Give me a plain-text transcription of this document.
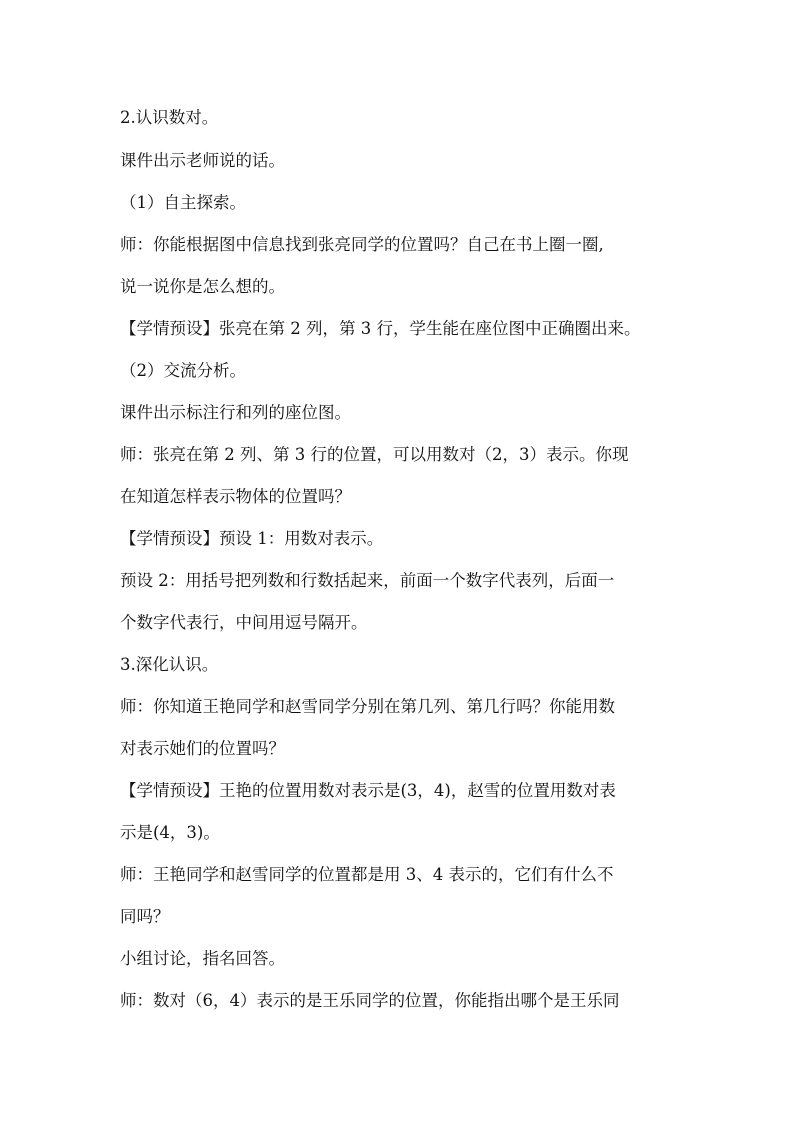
2.认识数对。
课件出示老师说的话。
（1）自主探索。
师：你能根据图中信息找到张亮同学的位置吗？自己在书上圈一圈,
说一说你是怎么想的。
【学情预设】张亮在第 2 列，第 3 行，学生能在座位图中正确圈出来。
（2）交流分析。
课件出示标注行和列的座位图。
师：张亮在第 2 列、第 3 行的位置，可以用数对（2，3）表示。你现
在知道怎样表示物体的位置吗？
【学情预设】预设 1：用数对表示。
预设 2：用括号把列数和行数括起来，前面一个数字代表列，后面一
个数字代表行，中间用逗号隔开。
3.深化认识。
师：你知道王艳同学和赵雪同学分别在第几列、第几行吗？你能用数
对表示她们的位置吗？
【学情预设】王艳的位置用数对表示是(3，4)，赵雪的位置用数对表
示是(4，3)。
师：王艳同学和赵雪同学的位置都是用 3、4 表示的，它们有什么不
同吗？
小组讨论，指名回答。
师：数对（6，4）表示的是王乐同学的位置，你能指出哪个是王乐同
